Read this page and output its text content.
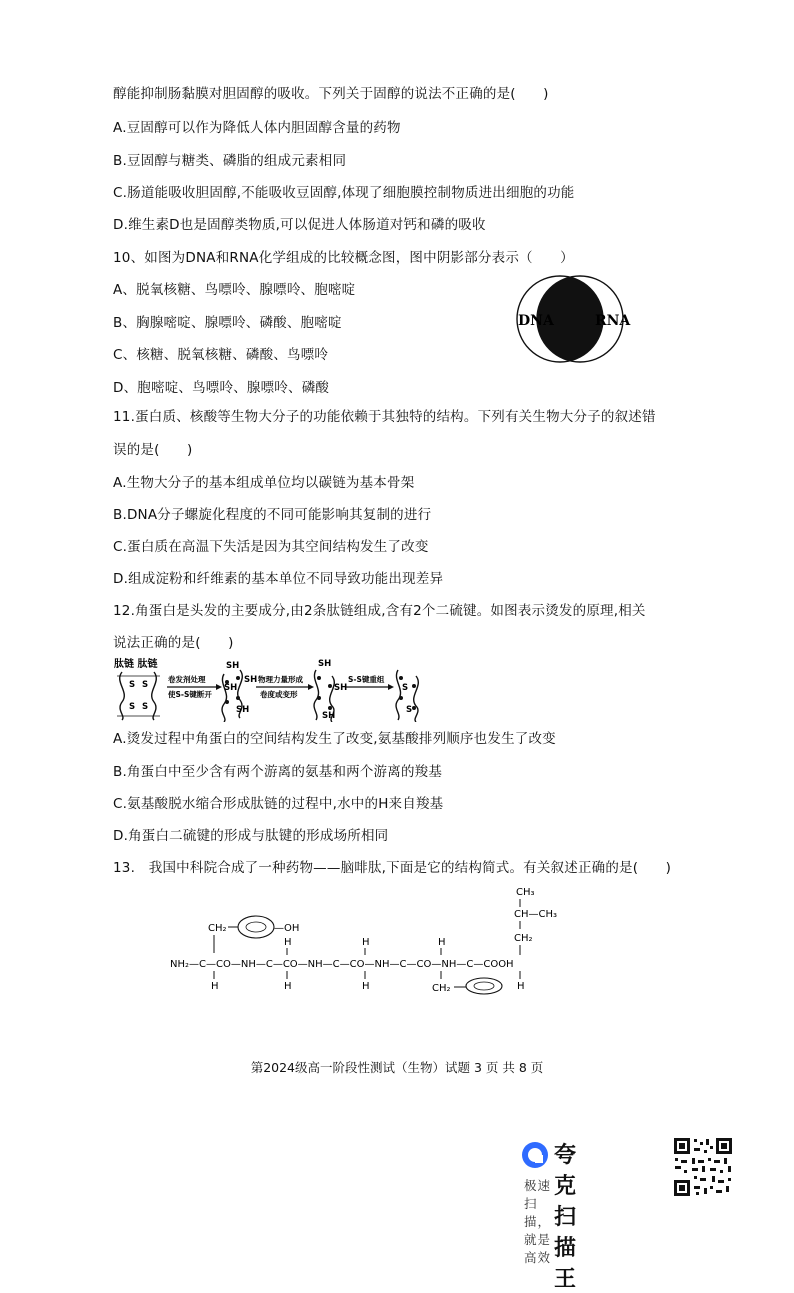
醇能抑制肠黏膜对胆固醇的吸收。下列关于固醇的说法不正确的是(　　)
A.豆固醇可以作为降低人体内胆固醇含量的药物
B.豆固醇与糖类、磷脂的组成元素相同
C.肠道能吸收胆固醇,不能吸收豆固醇,体现了细胞膜控制物质进出细胞的功能
D.维生素D也是固醇类物质,可以促进人体肠道对钙和磷的吸收
10、如图为DNA和RNA化学组成的比较概念图，图中阴影部分表示（　　）
A、脱氧核糖、鸟嘌呤、腺嘌呤、胞嘧啶
B、胸腺嘧啶、腺嘌呤、磷酸、胞嘧啶
C、核糖、脱氧核糖、磷酸、鸟嘌呤
D、胞嘧啶、鸟嘌呤、腺嘌呤、磷酸
DNA	RNA
11.蛋白质、核酸等生物大分子的功能依赖于其独特的结构。下列有关生物大分子的叙述错
误的是(　　)
A.生物大分子的基本组成单位均以碳链为基本骨架
B.DNA分子螺旋化程度的不同可能影响其复制的进行
C.蛋白质在高温下失活是因为其空间结构发生了改变
D.组成淀粉和纤维素的基本单位不同导致功能出现差异
12.角蛋白是头发的主要成分,由2条肽链组成,含有2个二硫键。如图表示烫发的原理,相关
说法正确的是(　　)
肽链 肽链
S S
S S
卷发剂处理
使S-S键断开
SH
SH
SH
SH
物理力量形成
卷度或变形
SH
SH
SH
S-S键重组
S
S
A.烫发过程中角蛋白的空间结构发生了改变,氨基酸排列顺序也发生了改变
B.角蛋白中至少含有两个游离的氨基和两个游离的羧基
C.氨基酸脱水缩合形成肽链的过程中,水中的H来自羧基
D.角蛋白二硫键的形成与肽键的形成场所相同
13.　我国中科院合成了一种药物——脑啡肽,下面是它的结构简式。有关叙述正确的是(　　)
CH₂	—OH
H	H	H
CH₃
CH—CH₃
CH₂
NH₂—C—CO—NH—C—CO—NH—C—CO—NH—C—CO—NH—C—COOH
H	H	H	CH₂	H
第2024级高一阶段性测试（生物）试题 3 页 共 8 页
夸克扫描王
极速扫描，就是高效
